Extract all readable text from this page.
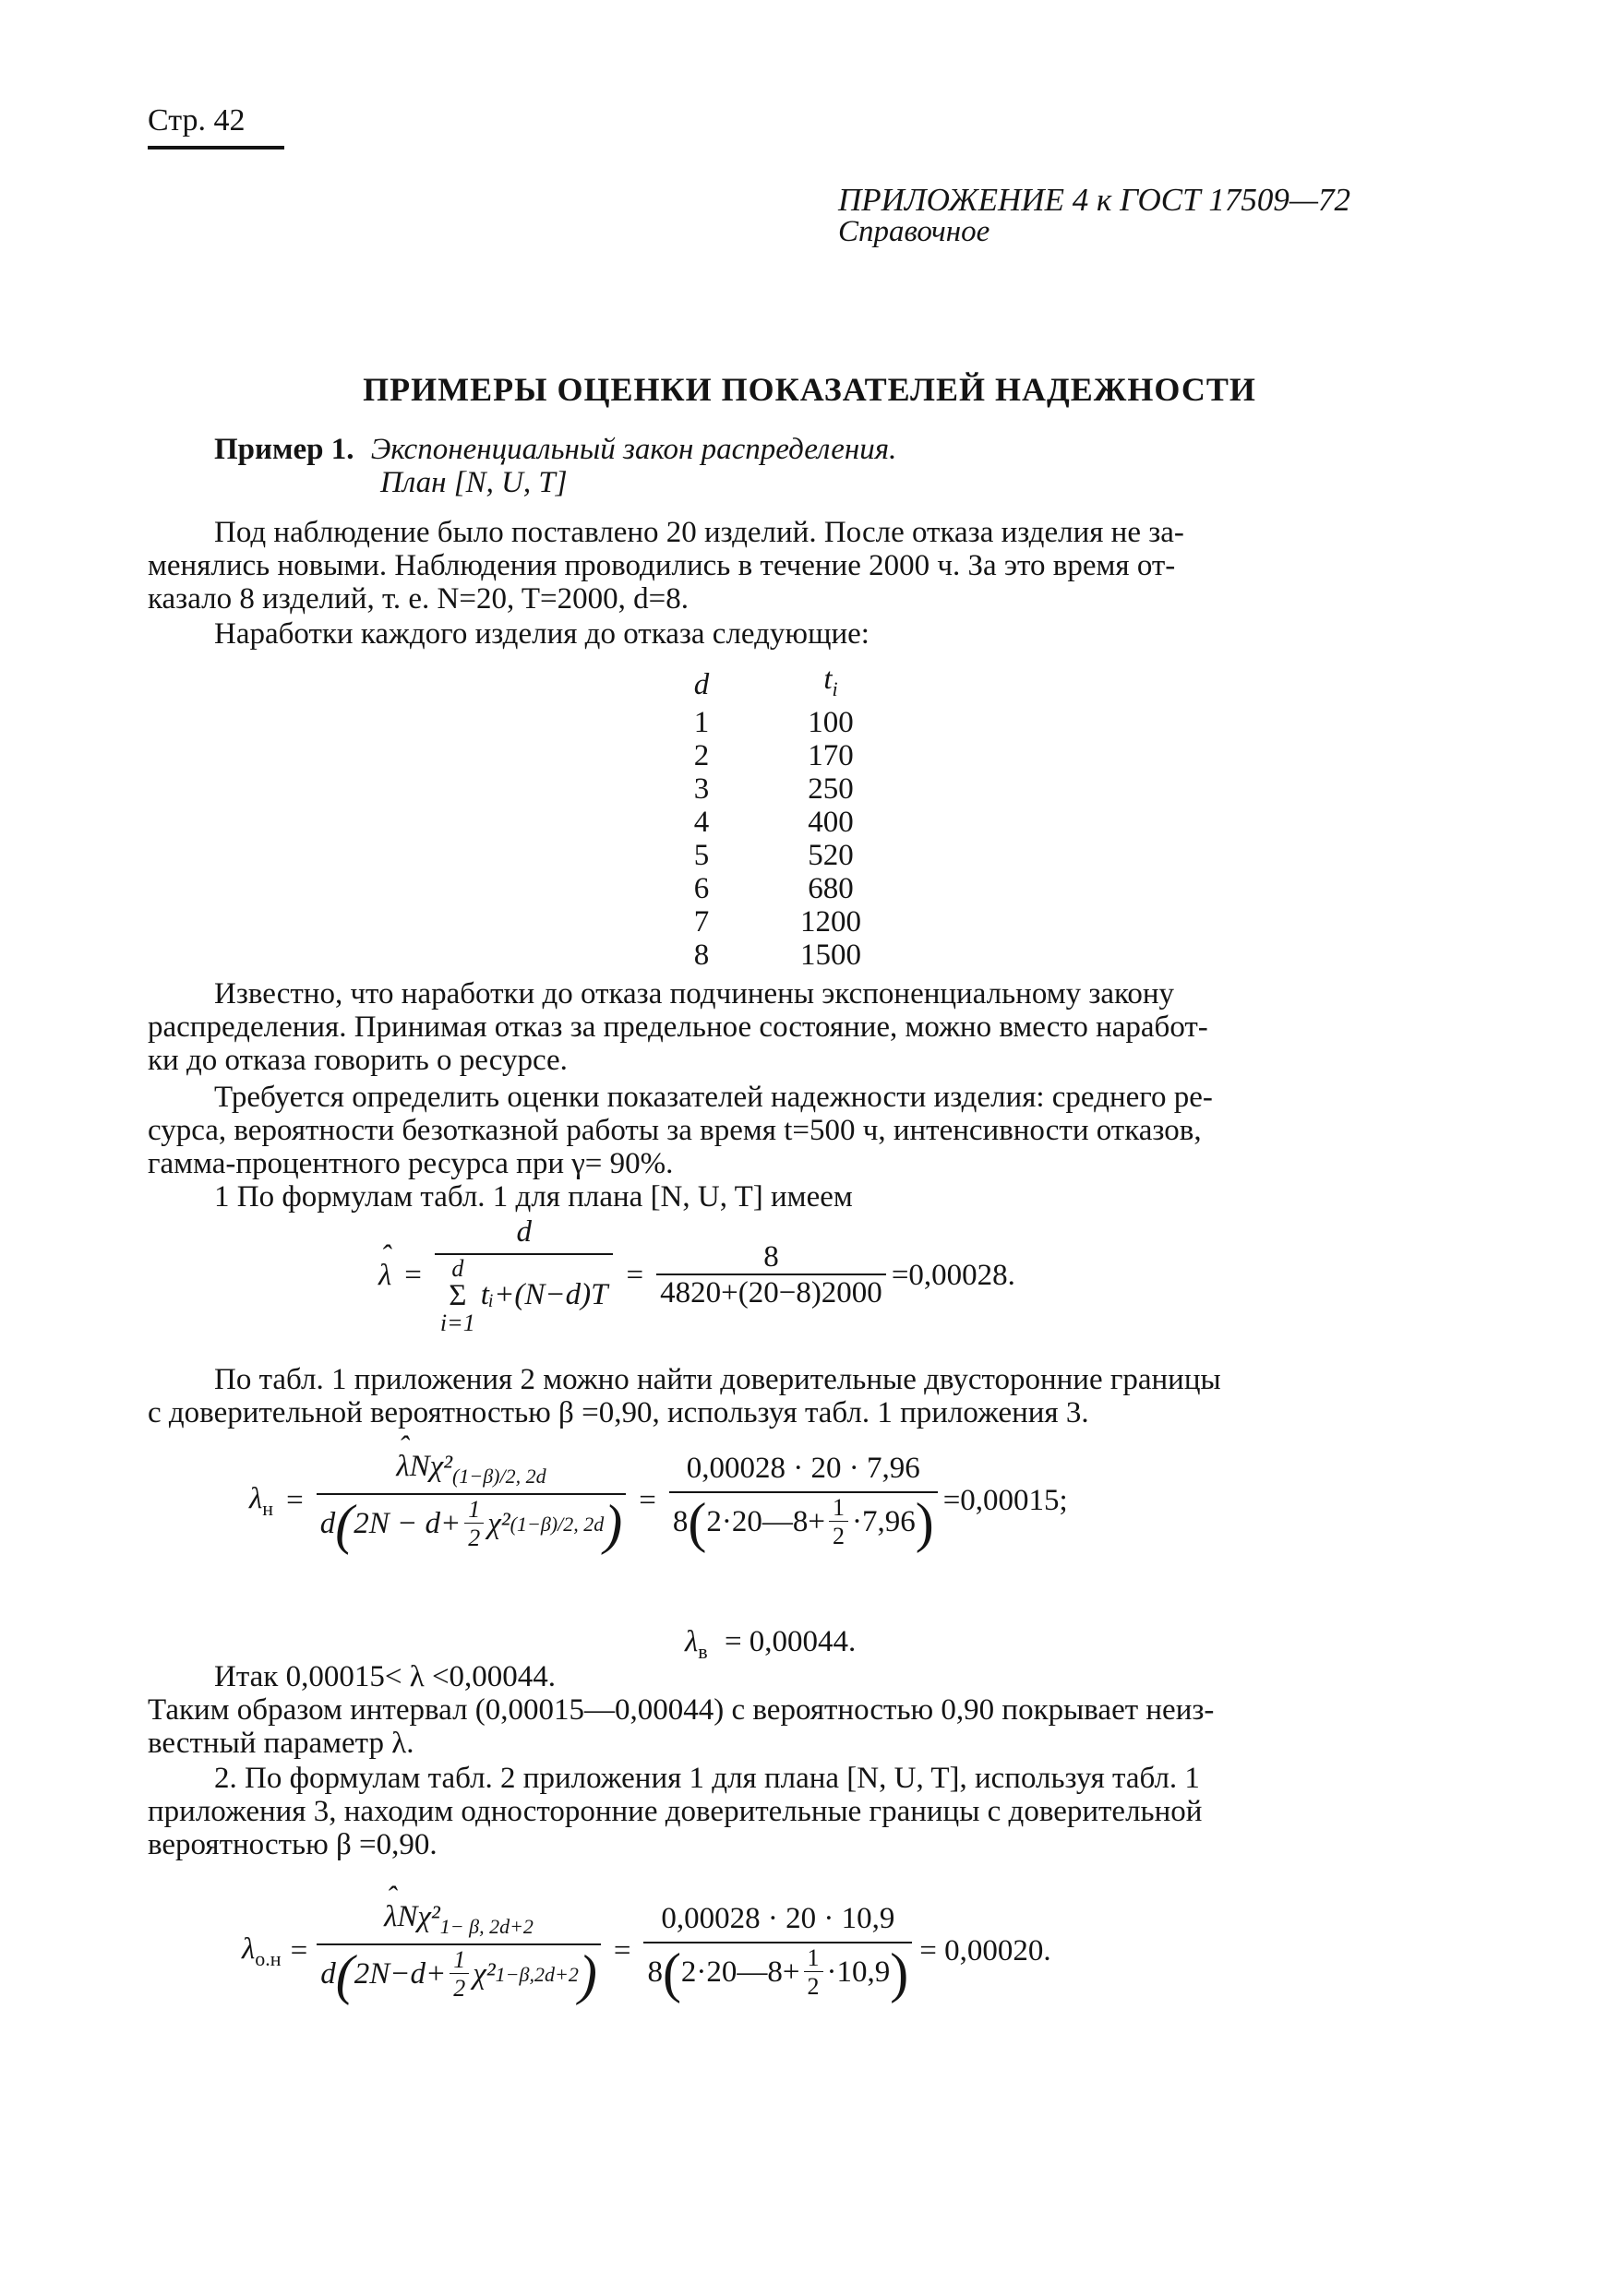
Стр. 42
ПРИЛОЖЕНИЕ 4 к ГОСТ 17509—72
Справочное
ПРИМЕРЫ ОЦЕНКИ ПОКАЗАТЕЛЕЙ НАДЕЖНОСТИ
Пример 1. Экспоненциальный закон распределения.
План [N, U, T]
Под наблюдение было поставлено 20 изделий. После отказа изделия не за-
менялись новыми. Наблюдения проводились в течение 2000 ч. За это время от-
казало 8 изделий, т. е. N=20, T=2000, d=8.
Наработки каждого изделия до отказа следующие:
d	$t_i$
1	100
2	170
3	250
4	400
5	520
6	680
7	1200
8	1500
Известно, что наработки до отказа подчинены экспоненциальному закону
распределения. Принимая отказ за предельное состояние, можно вместо наработ-
ки до отказа говорить о ресурсе.
Требуется определить оценки показателей надежности изделия: среднего ре-
сурса, вероятности безотказной работы за время t=500 ч, интенсивности отказов,
гамма-процентного ресурса при γ= 90%.
1 По формулам табл. 1 для плана [N, U, T] имеем
ˆ λ = d
d
Σ
i=1
tᵢ+(N−d)T = $\frac{8}{4820+(20-8)2000} =0,00028$.
По табл. 1 приложения 2 можно найти доверительные двусторонние границы
с доверительной вероятностью β =0,90, используя табл. 1 приложения 3.
$\lambda_н$ =
ˆ $\lambda N\chi^2_{(1-\beta)/2, 2d}$
d ( $2N - d+ \frac{1}{2} \chi^2$ (1−β)/2, 2d ) =
0,00028 · 20 · 7,96
8 ( 2·20—8+ $\frac{1}{2} \cdot 7,96$ ) =0,00015;
$\lambda_в = 0,00044$.
Итак 0,00015< λ <0,00044.
Таким образом интервал (0,00015—0,00044) с вероятностью 0,90 покрывает неиз-
вестный параметр λ.
2. По формулам табл. 2 приложения 1 для плана [N, U, T], используя табл. 1
приложения 3, находим односторонние доверительные границы с доверительной
вероятностью β =0,90.
$\lambda_{о.н}$ =
ˆ $\lambda N\chi^2_{1- \beta, 2d+2}$
d ( $2N-d+ \frac{1}{2} \chi^2$ 1−β,2d+2 ) =
0,00028 · 20 · 10,9
8 ( 2·20—8+ $\frac{1}{2} \cdot 10,9$ ) = 0,00020.
